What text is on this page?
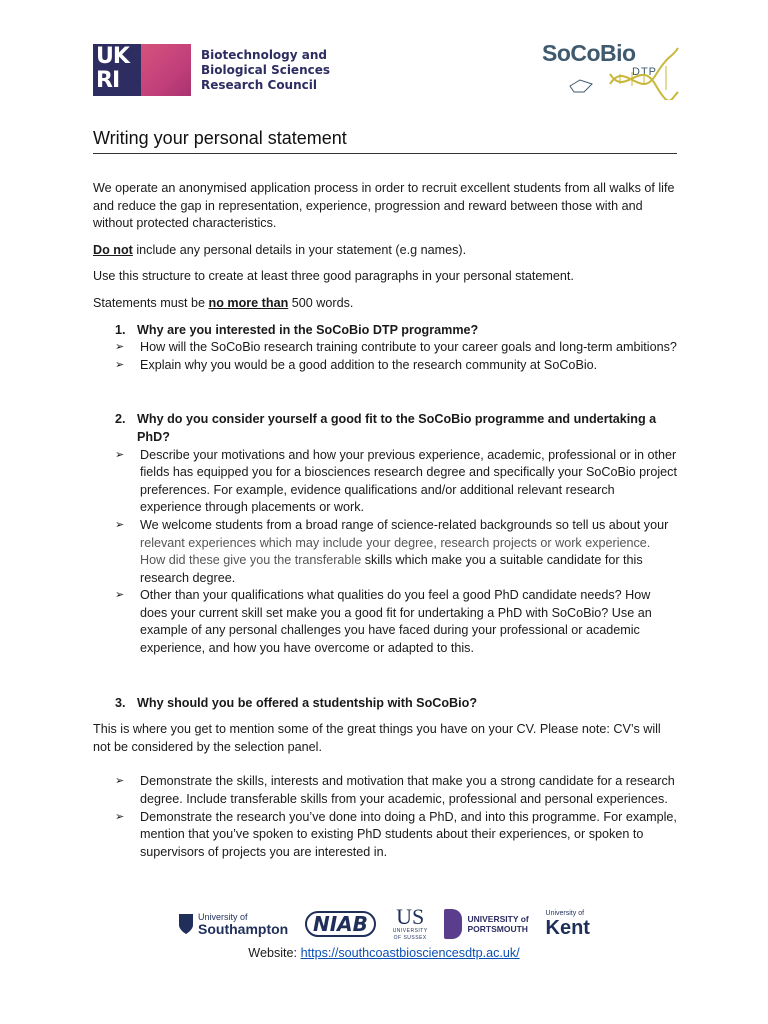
UK RI
Biotechnology and
Biological Sciences
Research Council
SoCoBio
DTP
Writing your personal statement

We operate an anonymised application process in order to recruit excellent students from all walks of life and reduce the gap in representation, experience, progression and reward between those with and without protected characteristics.

Do not include any personal details in your statement (e.g names).

Use this structure to create at least three good paragraphs in your personal statement.

Statements must be no more than 500 words.

1. Why are you interested in the SoCoBio DTP programme?
➢	How will the SoCoBio research training contribute to your career goals and long-term ambitions?
➢	Explain why you would be a good addition to the research community at SoCoBio.
2. Why do you consider yourself a good fit to the SoCoBio programme and undertaking a PhD?
➢	Describe your motivations and how your previous experience, academic, professional or in other fields has equipped you for a biosciences research degree and specifically your SoCoBio project preferences. For example, evidence qualifications and/or additional relevant research experience through placements or work.
➢	We welcome students from a broad range of science-related backgrounds so tell us about your relevant experiences which may include your degree, research projects or work experience. How did these give you the transferable skills which make you a suitable candidate for this research degree.
➢	Other than your qualifications what qualities do you feel a good PhD candidate needs? How does your current skill set make you a good fit for undertaking a PhD with SoCoBio? Use an example of any personal challenges you have faced during your professional or academic experience, and how you have overcome or adapted to this.
3. Why should you be offered a studentship with SoCoBio?

This is where you get to mention some of the great things you have on your CV. Please note: CV’s will not be considered by the selection panel.

➢	Demonstrate the skills, interests and motivation that make you a strong candidate for a research degree. Include transferable skills from your academic, professional and personal experiences.
➢	Demonstrate the research you’ve done into doing a PhD, and into this programme. For example, mention that you’ve spoken to existing PhD students about their experiences, or spoken to supervisors of projects you are interested in.
University of
Southampton	NIAB	US
UNIVERSITY
OF SUSSEX
UNIVERSITY of
PORTSMOUTH
University of
Kent
Website: https://southcoastbiosciencesdtp.ac.uk/
